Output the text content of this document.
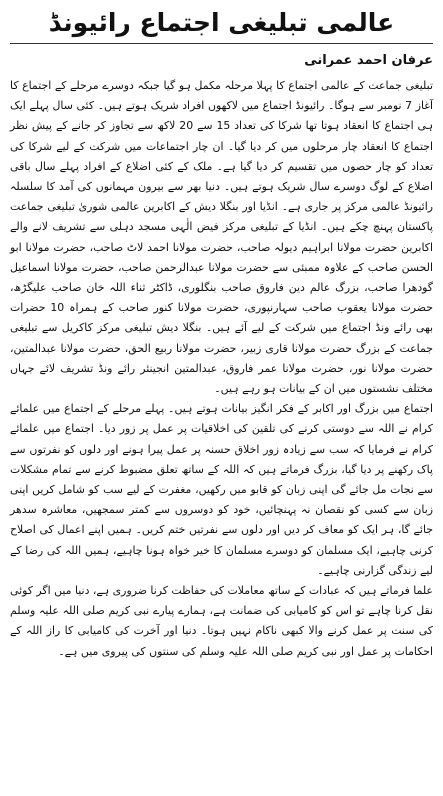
عالمی تبلیغی اجتماع رائیونڈ
عرفان احمد عمرانی

تبلیغی جماعت کے عالمی اجتماع کا پہلا مرحلہ مکمل ہو گیا جبکہ دوسرے مرحلے کے اجتماع کا آغاز 7 نومبر سے ہوگا۔ رائیونڈ اجتماع میں لاکھوں افراد شریک ہوتے ہیں۔ کئی سال پہلے ایک ہی اجتماع کا انعقاد ہوتا تھا شرکا کی تعداد 15 سے 20 لاکھ سے تجاوز کر جانے کے پیش نظر اجتماع کا انعقاد چار مرحلوں میں کر دیا گیا۔ ان چار اجتماعات میں شرکت کے لیے شرکا کی تعداد کو چار حصوں میں تقسیم کر دیا گیا ہے۔ ملک کے کئی اضلاع کے افراد پہلے سال باقی اضلاع کے لوگ دوسرے سال شریک ہوتے ہیں۔ دنیا بھر سے بیرون مہمانوں کی آمد کا سلسلہ رائیونڈ عالمی مرکز پر جاری ہے۔ انڈیا اور بنگلا دیش کے اکابرین عالمی شوریٰ تبلیغی جماعت پاکستان پہنچ چکے ہیں۔ انڈیا کے تبلیغی مرکز فیض الٰہی مسجد دہلی سے تشریف لانے والے اکابرین حضرت مولانا ابراہیم دیولہ صاحب، حضرت مولانا احمد لاٹ صاحب، حضرت مولانا ابو الحسن صاحب کے علاوہ ممبئی سے حضرت مولانا عبدالرحمن صاحب، حضرت مولانا اسماعیل گودھرا صاحب، بزرگ عالم دین فاروق صاحب بنگلوری، ڈاکٹر ثناء اللہ خان صاحب علیگڑھ، حضرت مولانا یعقوب صاحب سہارنپوری، حضرت مولانا کنور صاحب کے ہمراہ 10 حضرات بھی رائے ونڈ اجتماع میں شرکت کے لیے آئے ہیں۔ بنگلا دیش تبلیغی مرکز کاکریل سے تبلیغی جماعت کے بزرگ حضرت مولانا قاری زبیر، حضرت مولانا ربیع الحق، حضرت مولانا عبدالمتین، حضرت مولانا نور، حضرت مولانا عمر فاروق، عبدالمتین انجینئر رائے ونڈ تشریف لائے جہاں مختلف نشستوں میں ان کے بیانات ہو رہے ہیں۔

اجتماع میں بزرگ اور اکابر کے فکر انگیز بیانات ہوتے ہیں۔ پہلے مرحلے کے اجتماع میں علمائے کرام نے اللہ سے دوستی کرنے کی تلقین کی اخلاقیات پر عمل پر زور دیا۔ اجتماع میں علمائے کرام نے فرمایا کہ سب سے زیادہ زور اخلاق حسنہ پر عمل پیرا ہونے اور دلوں کو نفرتوں سے پاک رکھنے پر دیا گیا، بزرگ فرماتے ہیں کہ اللہ کے ساتھ تعلق مضبوط کرنے سے تمام مشکلات سے نجات مل جائے گی اپنی زبان کو قابو میں رکھیں، مغفرت کے لیے سب کو شامل کریں اپنی زبان سے کسی کو نقصان نہ پہنچائیں، خود کو دوسروں سے کمتر سمجھیں، معاشرہ سدھر جائے گا، ہر ایک کو معاف کر دیں اور دلوں سے نفرتیں ختم کریں۔ ہمیں اپنے اعمال کی اصلاح کرنی چاہیے، ایک مسلمان کو دوسرے مسلمان کا خیر خواہ ہونا چاہیے، ہمیں اللہ کی رضا کے لیے زندگی گزارنی چاہیے۔

علما فرماتے ہیں کہ عبادات کے ساتھ معاملات کی حفاظت کرنا ضروری ہے، دنیا میں اگر کوئی نقل کرنا چاہے تو اس کو کامیابی کی ضمانت ہے، ہمارے پیارے نبی کریم صلی اللہ علیہ وسلم کی سنت پر عمل کرنے والا کبھی ناکام نہیں ہوتا۔ دنیا اور آخرت کی کامیابی کا راز اللہ کے احکامات پر عمل اور نبی کریم صلی اللہ علیہ وسلم کی سنتوں کی پیروی میں ہے۔
